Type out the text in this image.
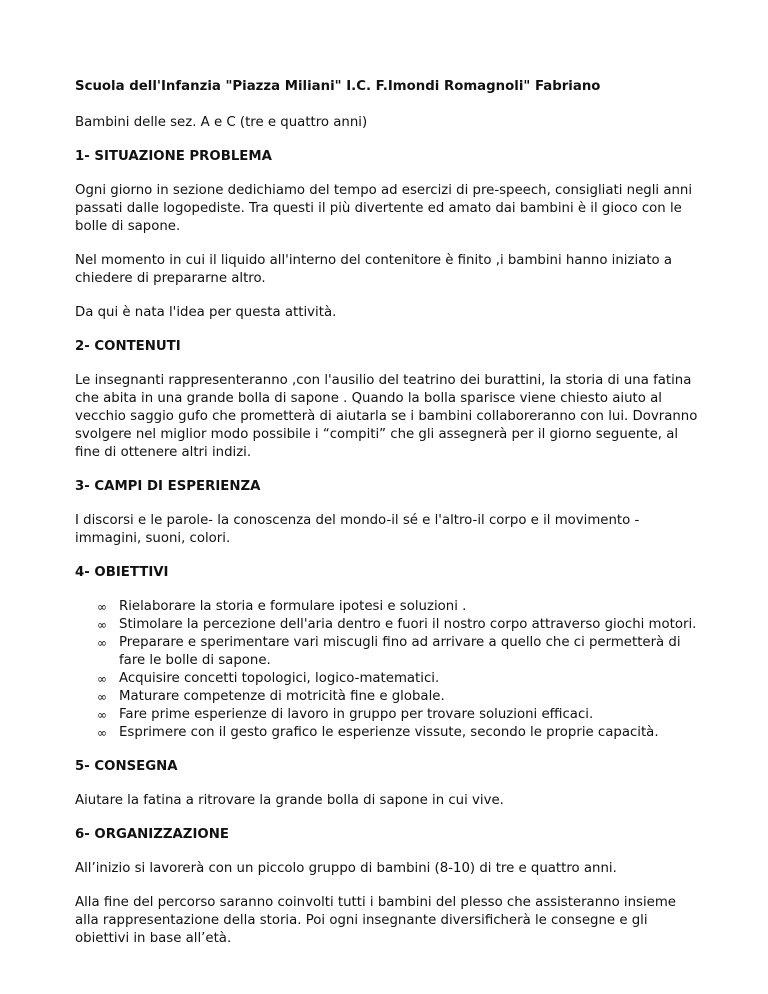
Scuola dell'Infanzia "Piazza Miliani" I.C. F.Imondi Romagnoli" Fabriano

Bambini delle sez. A e C (tre e quattro anni)

1- SITUAZIONE PROBLEMA

Ogni giorno in sezione dedichiamo del tempo ad esercizi di pre-speech, consigliati negli anni passati dalle logopediste. Tra questi il più divertente ed amato dai bambini è il gioco con le bolle di sapone.

Nel momento in cui il liquido all'interno del contenitore è finito ,i bambini hanno iniziato a chiedere di prepararne altro.

Da qui è nata l'idea per questa attività.

2- CONTENUTI

Le insegnanti rappresenteranno ,con l'ausilio del teatrino dei burattini, la storia di una fatina che abita in una grande bolla di sapone . Quando la bolla sparisce viene chiesto aiuto al vecchio saggio gufo che prometterà di aiutarla se i bambini collaboreranno con lui. Dovranno svolgere nel miglior modo possibile i “compiti” che gli assegnerà per il giorno seguente, al fine di ottenere altri indizi.

3- CAMPI DI ESPERIENZA

I discorsi e le parole- la conoscenza del mondo-il sé e l'altro-il corpo e il movimento - immagini, suoni, colori.

4- OBIETTIVI

∞ Rielaborare la storia e formulare ipotesi e soluzioni .
∞ Stimolare la percezione dell'aria dentro e fuori il nostro corpo attraverso giochi motori.
∞ Preparare e sperimentare vari miscugli fino ad arrivare a quello che ci permetterà di fare le bolle di sapone.
∞ Acquisire concetti topologici, logico-matematici.
∞ Maturare competenze di motricità fine e globale.
∞ Fare prime esperienze di lavoro in gruppo per trovare soluzioni efficaci.
∞ Esprimere con il gesto grafico le esperienze vissute, secondo le proprie capacità.

5- CONSEGNA

Aiutare la fatina a ritrovare la grande bolla di sapone in cui vive.

6- ORGANIZZAZIONE

All’inizio si lavorerà con un piccolo gruppo di bambini (8-10) di tre e quattro anni.

Alla fine del percorso saranno coinvolti tutti i bambini del plesso che assisteranno insieme alla rappresentazione della storia. Poi ogni insegnante diversificherà le consegne e gli obiettivi in base all’età.
